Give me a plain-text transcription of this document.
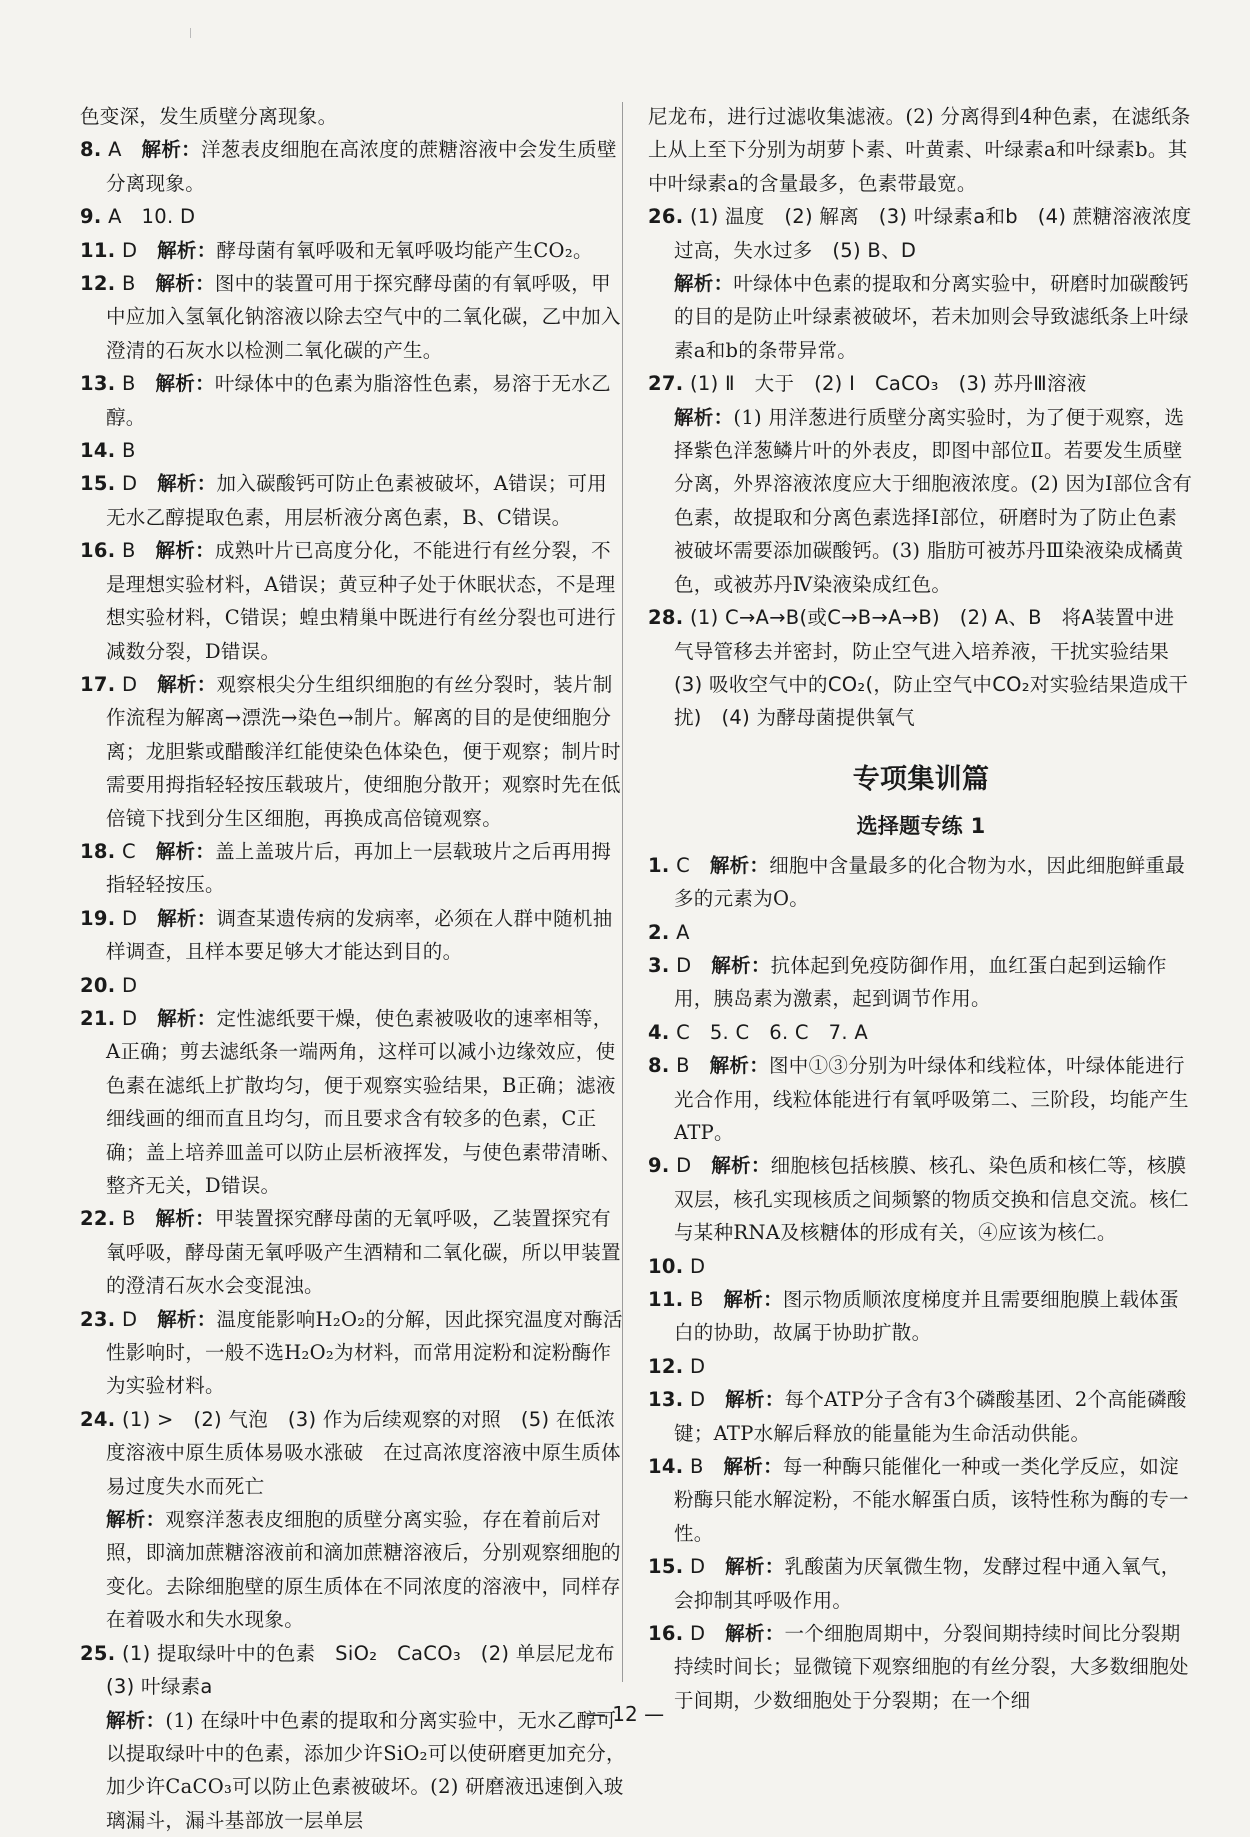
色变深，发生质壁分离现象。
8. A　 解析：洋葱表皮细胞在高浓度的蔗糖溶液中会发生质壁分离现象。
9. A　 10. D
11. D　 解析：酵母菌有氧呼吸和无氧呼吸均能产生CO₂。
12. B　 解析：图中的装置可用于探究酵母菌的有氧呼吸，甲中应加入氢氧化钠溶液以除去空气中的二氧化碳，乙中加入澄清的石灰水以检测二氧化碳的产生。
13. B　 解析：叶绿体中的色素为脂溶性色素，易溶于无水乙醇。
14. B
15. D　 解析：加入碳酸钙可防止色素被破坏，A错误；可用无水乙醇提取色素，用层析液分离色素，B、C错误。
16. B　 解析：成熟叶片已高度分化，不能进行有丝分裂，不是理想实验材料，A错误；黄豆种子处于休眠状态，不是理想实验材料，C错误；蝗虫精巢中既进行有丝分裂也可进行减数分裂，D错误。
17. D　 解析：观察根尖分生组织细胞的有丝分裂时，装片制作流程为解离→漂洗→染色→制片。解离的目的是使细胞分离；龙胆紫或醋酸洋红能使染色体染色，便于观察；制片时需要用拇指轻轻按压载玻片，使细胞分散开；观察时先在低倍镜下找到分生区细胞，再换成高倍镜观察。
18. C　 解析：盖上盖玻片后，再加上一层载玻片之后再用拇指轻轻按压。
19. D　 解析：调查某遗传病的发病率，必须在人群中随机抽样调查，且样本要足够大才能达到目的。
20. D
21. D　 解析：定性滤纸要干燥，使色素被吸收的速率相等，A正确；剪去滤纸条一端两角，这样可以减小边缘效应，使色素在滤纸上扩散均匀，便于观察实验结果，B正确；滤液细线画的细而直且均匀，而且要求含有较多的色素，C正确；盖上培养皿盖可以防止层析液挥发，与使色素带清晰、整齐无关，D错误。
22. B　 解析：甲装置探究酵母菌的无氧呼吸，乙装置探究有氧呼吸，酵母菌无氧呼吸产生酒精和二氧化碳，所以甲装置的澄清石灰水会变混浊。
23. D　 解析：温度能影响H₂O₂的分解，因此探究温度对酶活性影响时，一般不选H₂O₂为材料，而常用淀粉和淀粉酶作为实验材料。
24. (1) >　(2) 气泡　(3) 作为后续观察的对照　(5) 在低浓度溶液中原生质体易吸水涨破　在过高浓度溶液中原生质体易过度失水而死亡
解析：观察洋葱表皮细胞的质壁分离实验，存在着前后对照，即滴加蔗糖溶液前和滴加蔗糖溶液后，分别观察细胞的变化。去除细胞壁的原生质体在不同浓度的溶液中，同样存在着吸水和失水现象。
25. (1) 提取绿叶中的色素　SiO₂　CaCO₃　(2) 单层尼龙布　(3) 叶绿素a
解析：(1) 在绿叶中色素的提取和分离实验中，无水乙醇可以提取绿叶中的色素，添加少许SiO₂可以使研磨更加充分，加少许CaCO₃可以防止色素被破坏。(2) 研磨液迅速倒入玻璃漏斗，漏斗基部放一层单层
尼龙布，进行过滤收集滤液。(2) 分离得到4种色素，在滤纸条上从上至下分别为胡萝卜素、叶黄素、叶绿素a和叶绿素b。其中叶绿素a的含量最多，色素带最宽。
26. (1) 温度　(2) 解离　(3) 叶绿素a和b　(4) 蔗糖溶液浓度过高，失水过多　(5) B、D
解析：叶绿体中色素的提取和分离实验中，研磨时加碳酸钙的目的是防止叶绿素被破坏，若未加则会导致滤纸条上叶绿素a和b的条带异常。
27. (1) Ⅱ　大于　(2) Ⅰ　CaCO₃　(3) 苏丹Ⅲ溶液
解析：(1) 用洋葱进行质壁分离实验时，为了便于观察，选择紫色洋葱鳞片叶的外表皮，即图中部位Ⅱ。若要发生质壁分离，外界溶液浓度应大于细胞液浓度。(2) 因为Ⅰ部位含有色素，故提取和分离色素选择Ⅰ部位，研磨时为了防止色素被破坏需要添加碳酸钙。(3) 脂肪可被苏丹Ⅲ染液染成橘黄色，或被苏丹Ⅳ染液染成红色。
28. (1) C→A→B(或C→B→A→B)　(2) A、B　将A装置中进气导管移去并密封，防止空气进入培养液，干扰实验结果　(3) 吸收空气中的CO₂(，防止空气中CO₂对实验结果造成干扰)　(4) 为酵母菌提供氧气
专项集训篇
选择题专练 1
1. C　 解析：细胞中含量最多的化合物为水，因此细胞鲜重最多的元素为O。
2. A
3. D　 解析：抗体起到免疫防御作用，血红蛋白起到运输作用，胰岛素为激素，起到调节作用。
4. C　 5. C　6. C　7. A
8. B　 解析：图中①③分别为叶绿体和线粒体，叶绿体能进行光合作用，线粒体能进行有氧呼吸第二、三阶段，均能产生ATP。
9. D　 解析：细胞核包括核膜、核孔、染色质和核仁等，核膜双层，核孔实现核质之间频繁的物质交换和信息交流。核仁与某种RNA及核糖体的形成有关，④应该为核仁。
10. D
11. B　 解析：图示物质顺浓度梯度并且需要细胞膜上载体蛋白的协助，故属于协助扩散。
12. D
13. D　 解析：每个ATP分子含有3个磷酸基团、2个高能磷酸键；ATP水解后释放的能量能为生命活动供能。
14. B　 解析：每一种酶只能催化一种或一类化学反应，如淀粉酶只能水解淀粉，不能水解蛋白质，该特性称为酶的专一性。
15. D　 解析：乳酸菌为厌氧微生物，发酵过程中通入氧气，会抑制其呼吸作用。
16. D　 解析：一个细胞周期中，分裂间期持续时间比分裂期持续时间长；显微镜下观察细胞的有丝分裂，大多数细胞处于间期，少数细胞处于分裂期；在一个细
— 12 —
